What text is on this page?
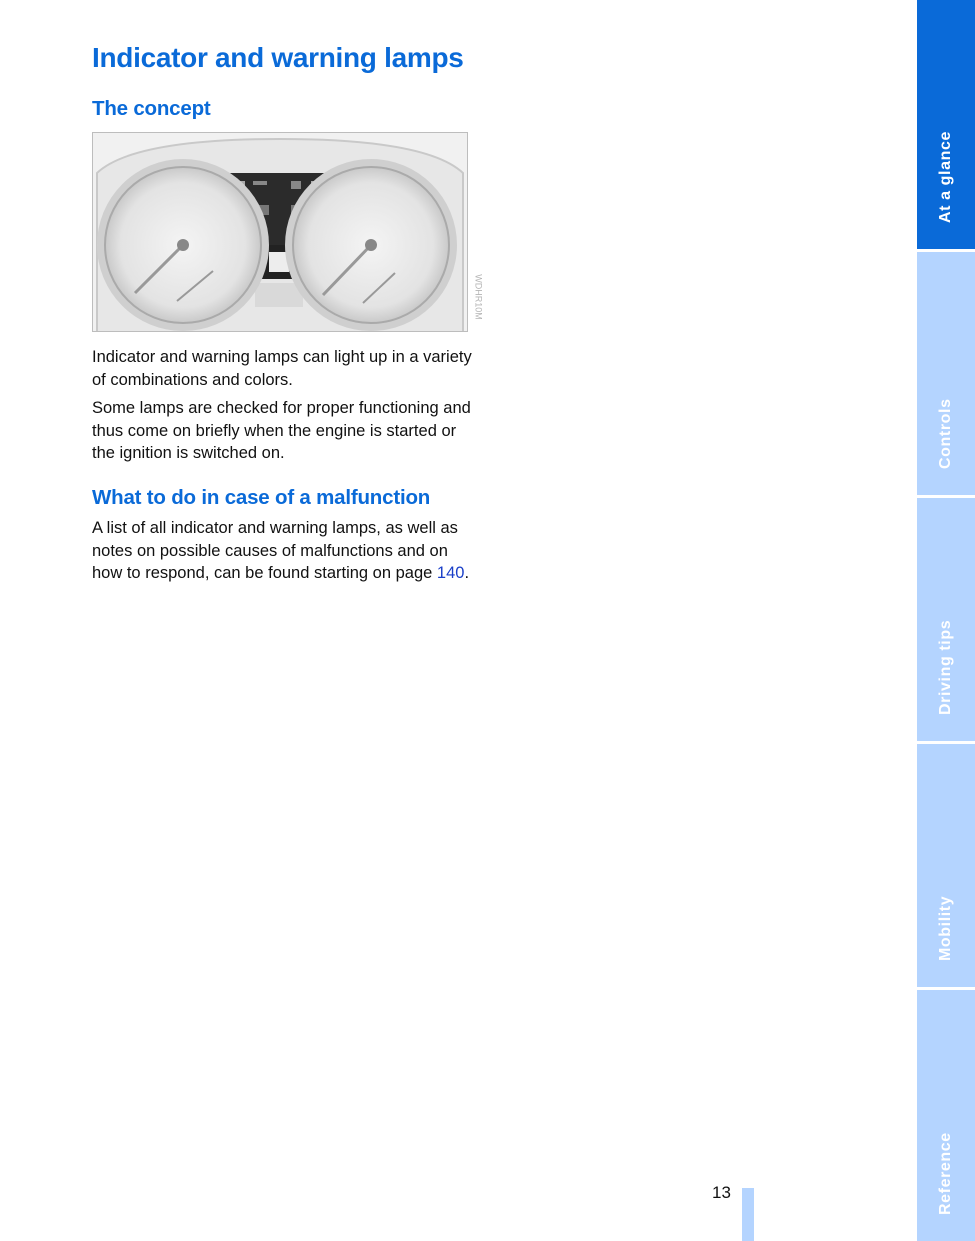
Indicator and warning lamps
The concept
WDHR10M

Indicator and warning lamps can light up in a variety of combinations and colors.

Some lamps are checked for proper functioning and thus come on briefly when the engine is started or the ignition is switched on.

What to do in case of a malfunction

A list of all indicator and warning lamps, as well as notes on possible causes of malfunctions and on how to respond, can be found starting on page 140.

At a glance
Controls
Driving tips
Mobility
Reference
13
